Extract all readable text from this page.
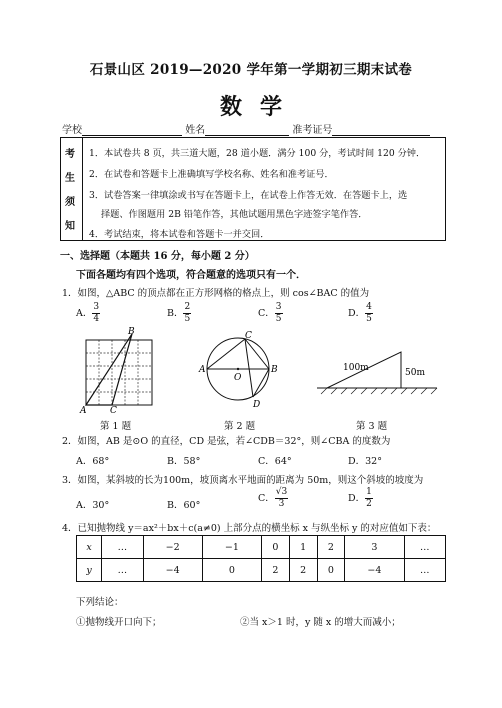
石景山区 2019—2020 学年第一学期初三期末试卷
数学
学校	姓名	准考证号
考
生
须
知
1．本试卷共 8 页，共三道大题，28 道小题．满分 100 分，考试时间 120 分钟．
2．在试卷和答题卡上准确填写学校名称、姓名和准考证号．
3．试卷答案一律填涂或书写在答题卡上，在试卷上作答无效．在答题卡上，选
择题、作图题用 2B 铅笔作答，其他试题用黑色字迹签字笔作答．
4．考试结束，将本试卷和答题卡一并交回．
一、选择题（本题共 16 分，每小题 2 分）
下面各题均有四个选项，符合题意的选项只有一个．
1．如图，△ABC 的顶点都在正方形网格的格点上，则 cos∠BAC 的值为
A． $\frac{3}{4}$	B． $\frac{2}{5}$	C． $\frac{3}{5}$	D． $\frac{4}{5}$
B
A	C
C
A	B
O
D
100m	50m
第 1 题	第 2 题	第 3 题
2．如图，AB 是⊙O 的直径，CD 是弦，若∠CDB＝32°，则∠CBA 的度数为
A．68°	B．58°	C．64°	D．32°
3．如图，某斜坡的长为100m，坡顶离水平地面的距离为 50m，则这个斜坡的坡度为
A．30°	B．60°
C． $\frac{√3}{3}$	D． $\frac{1}{2}$
4．已知抛物线 y＝ax²＋bx＋c(a≠0) 上部分点的横坐标 x 与纵坐标 y 的对应值如下表：
x	…	−2	−1	0	1	2	3	…
y	…	−4	0	2	2	0	−4	…
下列结论：
①抛物线开口向下；	②当 x＞1 时，y 随 x 的增大而减小；
